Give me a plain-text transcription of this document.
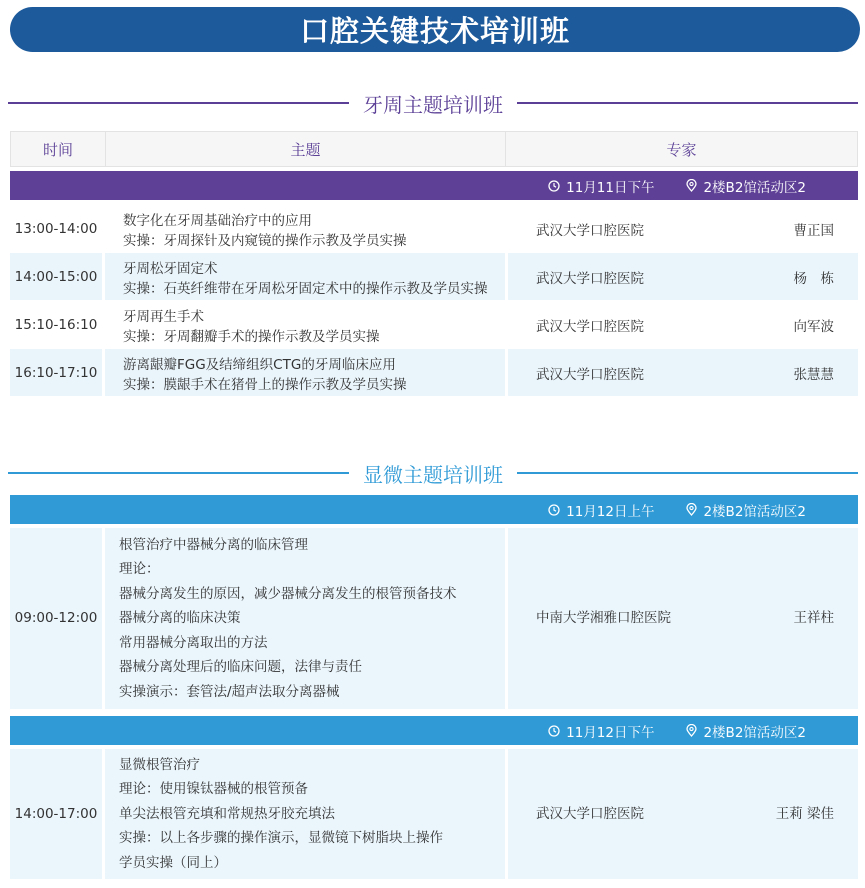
口腔关键技术培训班
牙周主题培训班
时间	主题	专家
11月11日下午	2楼B2馆活动区2
13:00-14:00	数字化在牙周基础治疗中的应用
实操：牙周探针及内窥镜的操作示教及学员实操
武汉大学口腔医院	曹正国
14:00-15:00	牙周松牙固定术
实操：石英纤维带在牙周松牙固定术中的操作示教及学员实操
武汉大学口腔医院	杨　栋
15:10-16:10	牙周再生手术
实操：牙周翻瓣手术的操作示教及学员实操
武汉大学口腔医院	向军波
16:10-17:10	游离龈瓣FGG及结缔组织CTG的牙周临床应用
实操：膜龈手术在猪骨上的操作示教及学员实操
武汉大学口腔医院	张慧慧
显微主题培训班
11月12日上午	2楼B2馆活动区2
09:00-12:00
根管治疗中器械分离的临床管理
理论：
器械分离发生的原因，减少器械分离发生的根管预备技术
器械分离的临床决策
常用器械分离取出的方法
器械分离处理后的临床问题，法律与责任
实操演示：套管法/超声法取分离器械
中南大学湘雅口腔医院	王祥柱
11月12日下午	2楼B2馆活动区2
14:00-17:00
显微根管治疗
理论：使用镍钛器械的根管预备
单尖法根管充填和常规热牙胶充填法
实操：以上各步骤的操作演示，显微镜下树脂块上操作
学员实操（同上）
武汉大学口腔医院	王莉 梁佳
